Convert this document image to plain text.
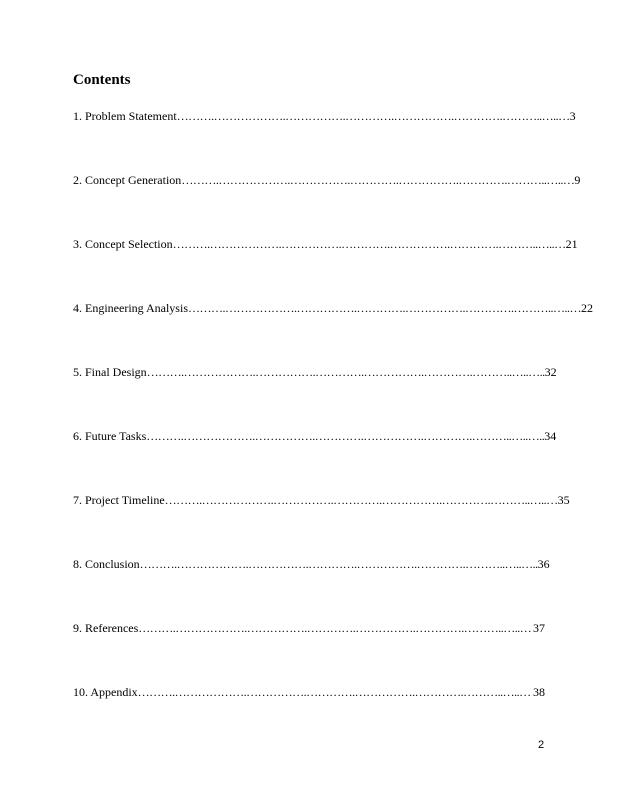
Contents
1. Problem Statement ……….……………….…………….………….…………….………….………..…..… 3
2. Concept Generation ……….……………….…………….………….…………….………….………..…..… 9
3. Concept Selection ……….……………….…………….………….…………….………….………..…..… 21
4. Engineering Analysis ……….……………….…………….………….…………….………….………..…..… 22
5. Final Design ……….……………….…………….………….…………….………….………..…..….. 32
6. Future Tasks ……….……………….…………….………….…………….………….………..…..….. 34
7. Project Timeline ……….……………….…………….………….…………….………….………..…..… 35
8. Conclusion ……….……………….…………….………….…………….………….………..…..….. 36
9. References ……….……………….…………….………….…………….………….………..…..… 37
10. Appendix ……….……………….…………….………….…………….………….………..…..… 38
2
